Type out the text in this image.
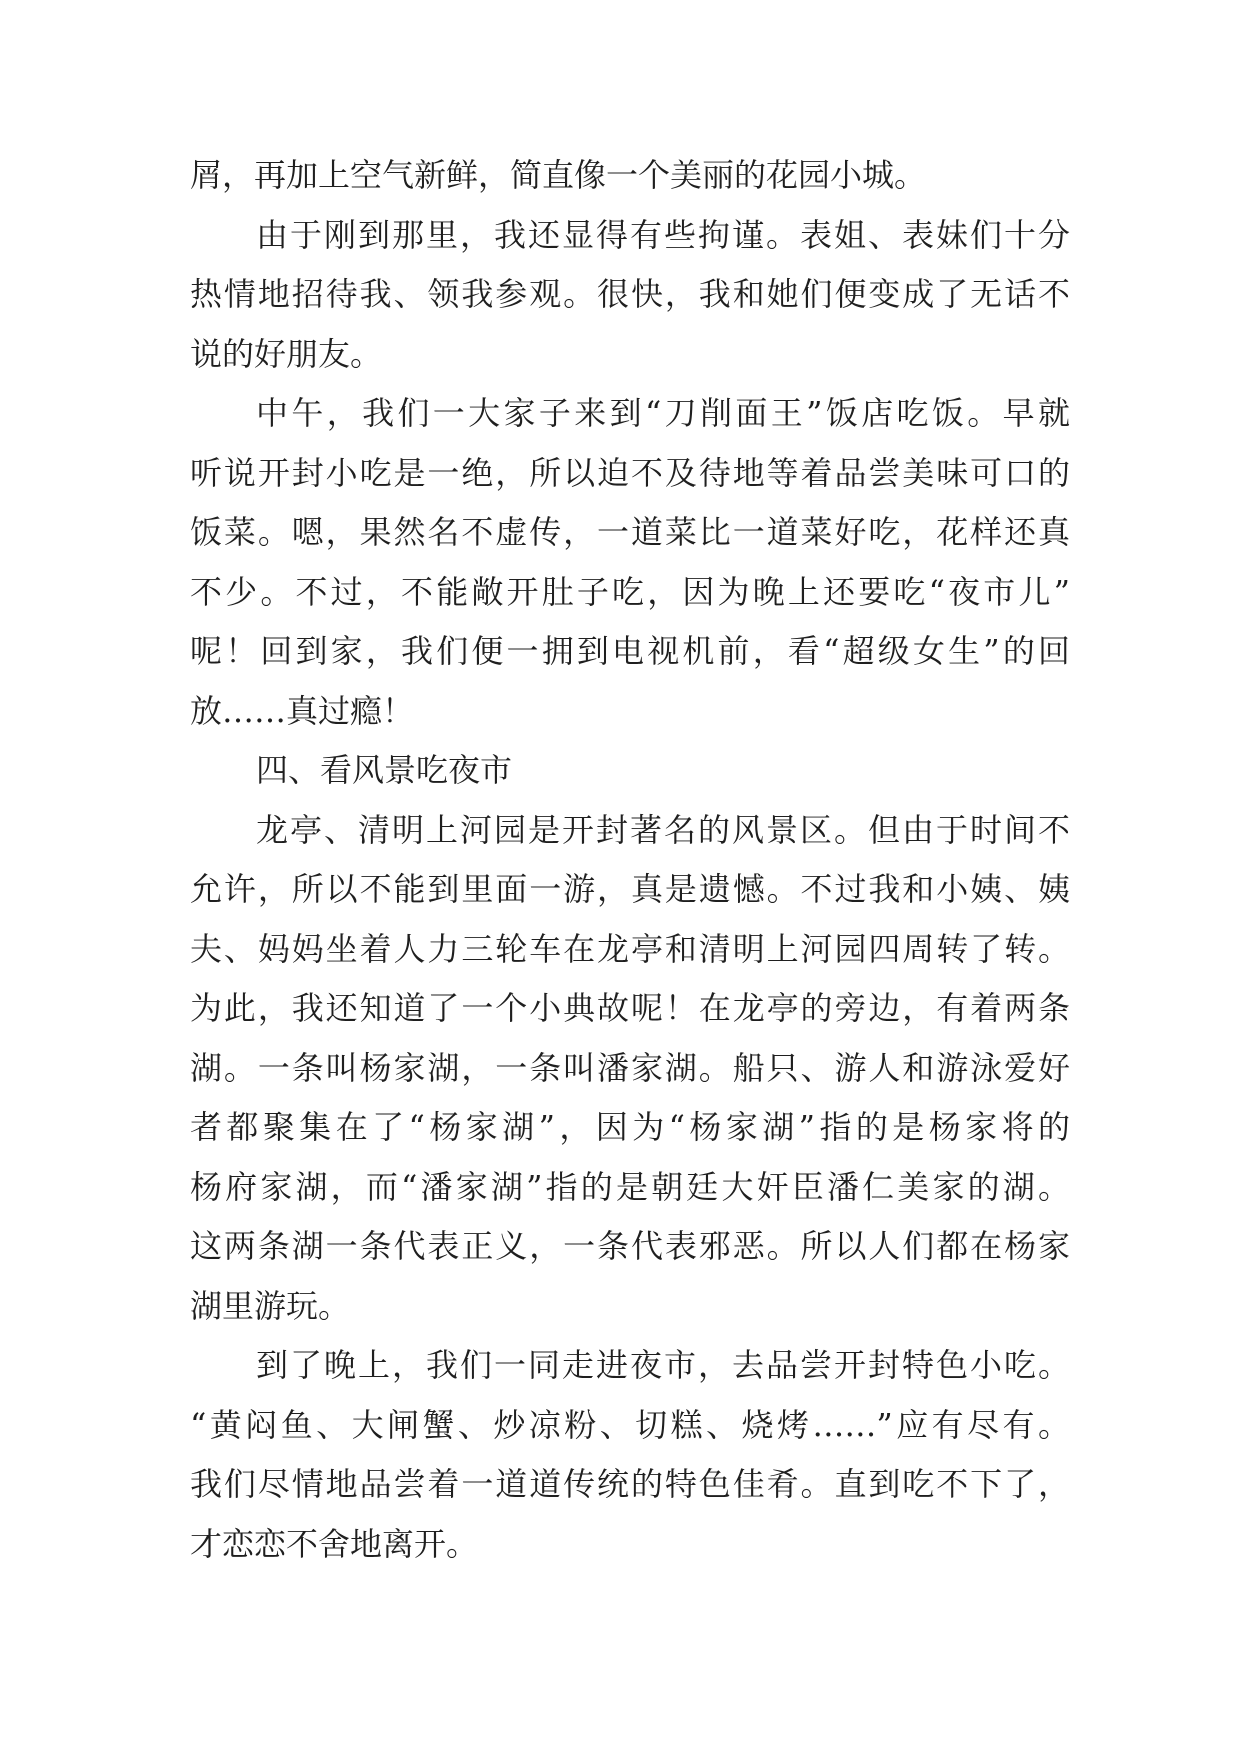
屑，再加上空气新鲜，简直像一个美丽的花园小城。

由于刚到那里，我还显得有些拘谨。表姐、表妹们十分

热情地招待我、领我参观。很快，我和她们便变成了无话不

说的好朋友。

中午，我们一大家子来到“刀削面王”饭店吃饭。早就

听说开封小吃是一绝，所以迫不及待地等着品尝美味可口的

饭菜。嗯，果然名不虚传，一道菜比一道菜好吃，花样还真

不少。不过，不能敞开肚子吃，因为晚上还要吃“夜市儿”

呢！回到家，我们便一拥到电视机前，看“超级女生”的回

放……真过瘾！

四、看风景吃夜市

龙亭、清明上河园是开封著名的风景区。但由于时间不

允许，所以不能到里面一游，真是遗憾。不过我和小姨、姨

夫、妈妈坐着人力三轮车在龙亭和清明上河园四周转了转。

为此，我还知道了一个小典故呢！在龙亭的旁边，有着两条

湖。一条叫杨家湖，一条叫潘家湖。船只、游人和游泳爱好

者都聚集在了“杨家湖”，因为“杨家湖”指的是杨家将的

杨府家湖，而“潘家湖”指的是朝廷大奸臣潘仁美家的湖。

这两条湖一条代表正义，一条代表邪恶。所以人们都在杨家

湖里游玩。

到了晚上，我们一同走进夜市，去品尝开封特色小吃。

“黄闷鱼、大闸蟹、炒凉粉、切糕、烧烤……”应有尽有。

我们尽情地品尝着一道道传统的特色佳肴。直到吃不下了，

才恋恋不舍地离开。
